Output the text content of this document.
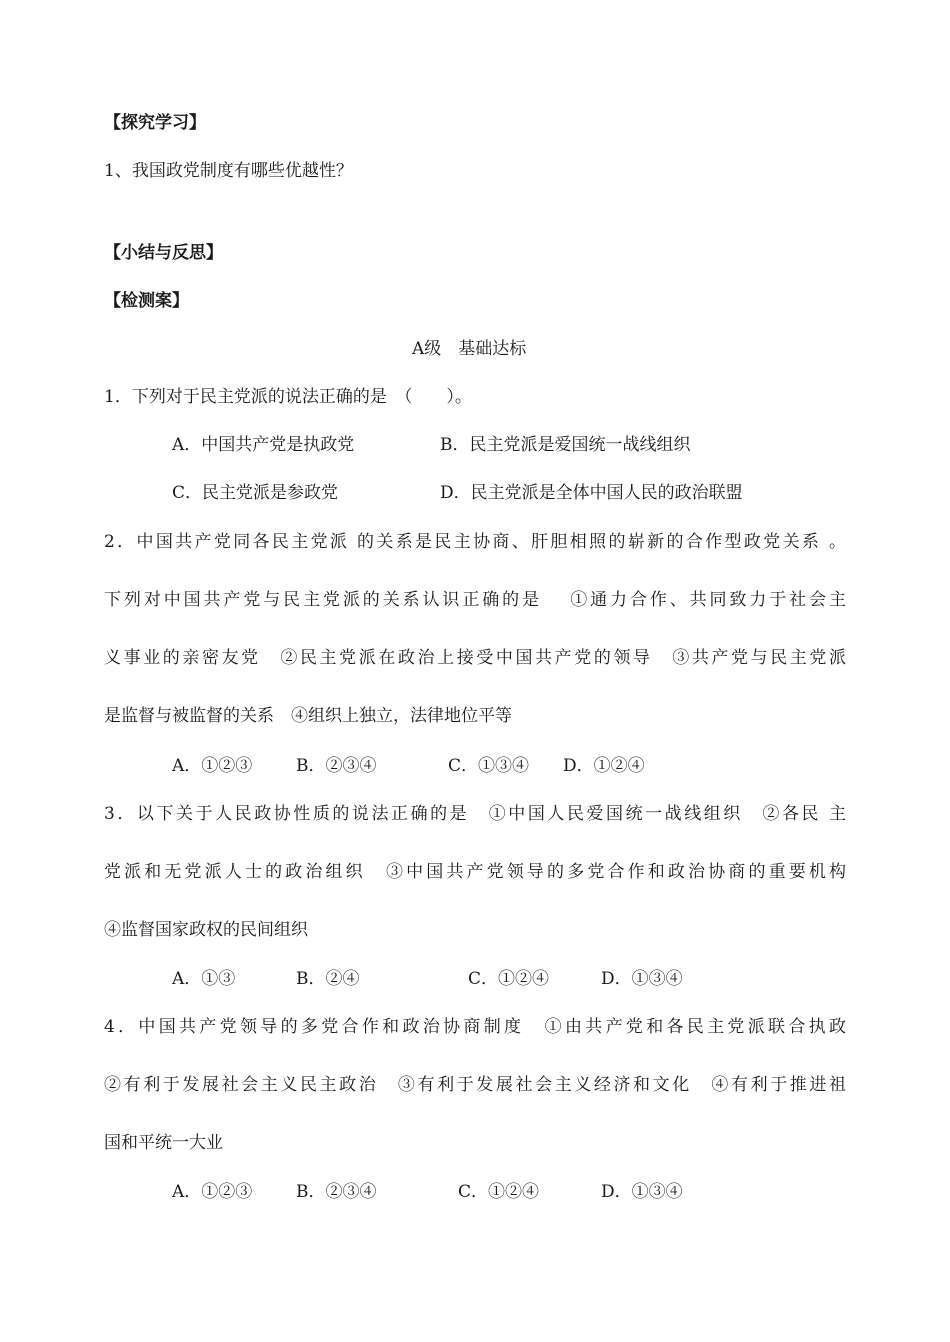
【探究学习】
1、我国政党制度有哪些优越性？
【小结与反思】
【检测案】
A级　基础达标
1．下列对于民主党派的说法正确的是　（　　）。
A．中国共产党是执政党	B．民主党派是爱国统一战线组织
C．民主党派是参政党	D．民主党派是全体中国人民的政治联盟
2．中国共产党同各民主党派 的关系是民主协商、肝胆相照的崭新的合作型政党关系 。
下列对中国共产党与民主党派的关系认识正确的是　 ①通力合作、共同致力于社会主
义事业的亲密友党　②民主党派在政治上接受中国共产党的领导　③共产党与民主党派
是监督与被监督的关系　④组织上独立，法律地位平等
A．①②③	B．②③④	C．①③④ D．①②④
3．以下关于人民政协性质的说法正确的是　①中国人民爱国统一战线组织　②各民 主
党派和无党派人士的政治组织　③中国共产党领导的多党合作和政治协商的重要机构
④监督国家政权的民间组织
A．①③	B．②④	C．①②④	D．①③④
4．中国共产党领导的多党合作和政治协商制度　①由共产党和各民主党派联合执政
②有利于发展社会主义民主政治　③有利于发展社会主义经济和文化　④有利于推进祖
国和平统一大业
A．①②③	B．②③④	C．①②④	D．①③④
